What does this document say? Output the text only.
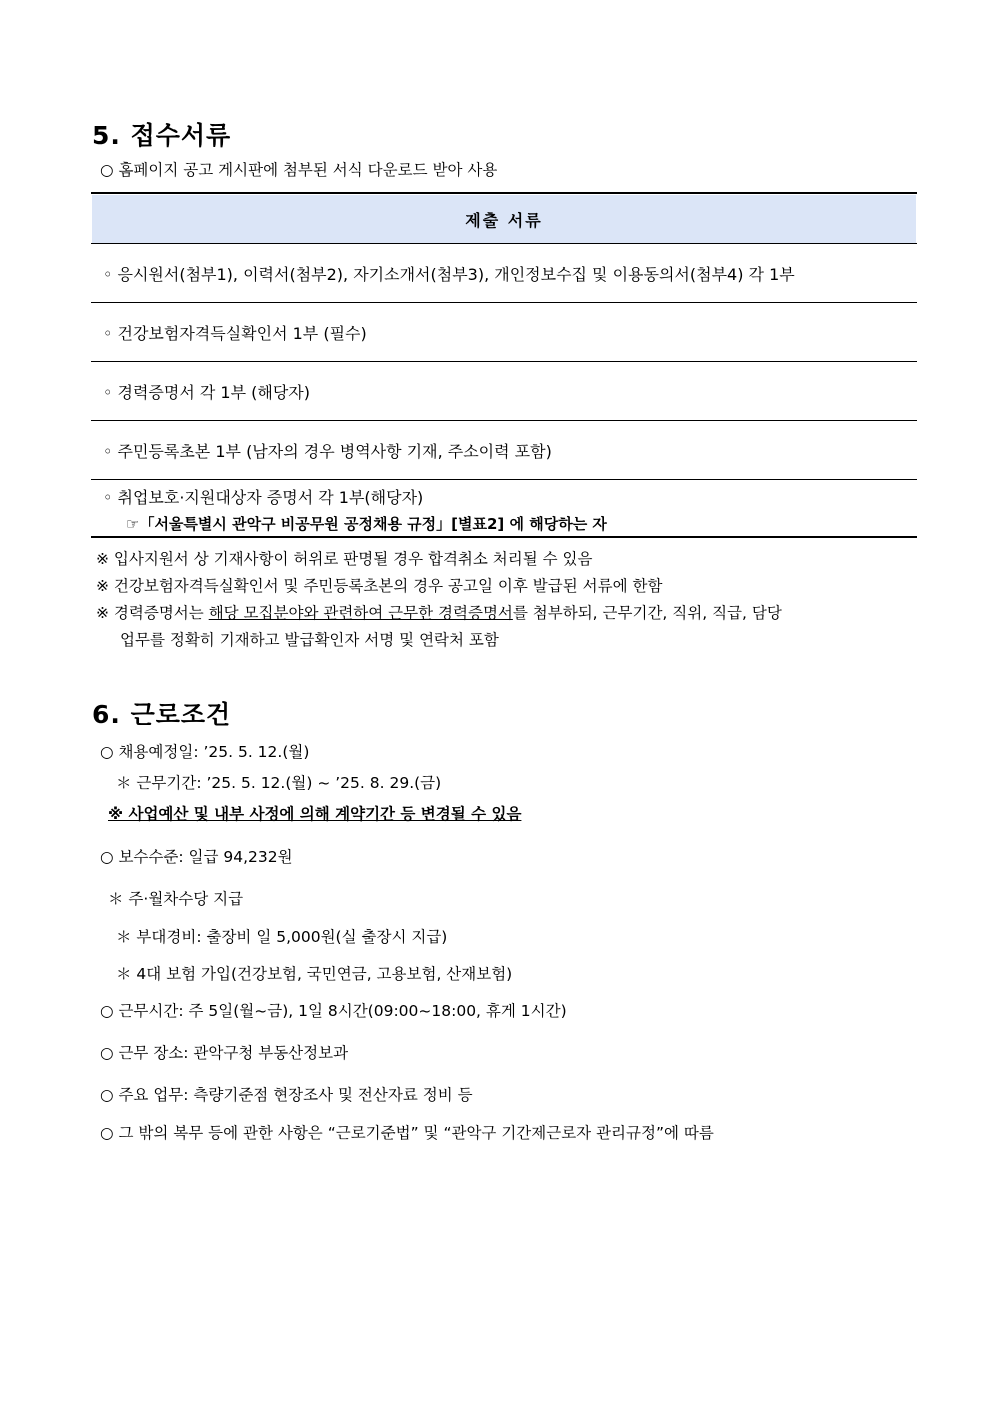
5. 접수서류
○ 홈페이지 공고 게시판에 첨부된 서식 다운로드 받아 사용
제출 서류
◦ 응시원서(첨부1), 이력서(첨부2), 자기소개서(첨부3), 개인정보수집 및 이용동의서(첨부4) 각 1부
◦ 건강보험자격득실확인서 1부 (필수)
◦ 경력증명서 각 1부 (해당자)
◦ 주민등록초본 1부 (남자의 경우 병역사항 기재, 주소이력 포함)
◦ 취업보호·지원대상자 증명서 각 1부(해당자)
☞「서울특별시 관악구 비공무원 공정채용 규정」[별표2] 에 해당하는 자
※ 입사지원서 상 기재사항이 허위로 판명될 경우 합격취소 처리될 수 있음
※ 건강보험자격득실확인서 및 주민등록초본의 경우 공고일 이후 발급된 서류에 한함
※ 경력증명서는 해당 모집분야와 관련하여 근무한 경력증명서를 첨부하되, 근무기간, 직위, 직급, 담당
업무를 정확히 기재하고 발급확인자 서명 및 연락처 포함
6. 근로조건
○ 채용예정일: ’25. 5. 12.(월)
＊ 근무기간: ’25. 5. 12.(월) ~ ’25. 8. 29.(금)
※ 사업예산 및 내부 사정에 의해 계약기간 등 변경될 수 있음
○ 보수수준: 일급 94,232원
＊ 주·월차수당 지급
＊ 부대경비: 출장비 일 5,000원(실 출장시 지급)
＊ 4대 보험 가입(건강보험, 국민연금, 고용보험, 산재보험)
○ 근무시간: 주 5일(월~금), 1일 8시간(09:00~18:00, 휴게 1시간)
○ 근무 장소: 관악구청 부동산정보과
○ 주요 업무: 측량기준점 현장조사 및 전산자료 정비 등
○ 그 밖의 복무 등에 관한 사항은 “근로기준법” 및 “관악구 기간제근로자 관리규정”에 따름
